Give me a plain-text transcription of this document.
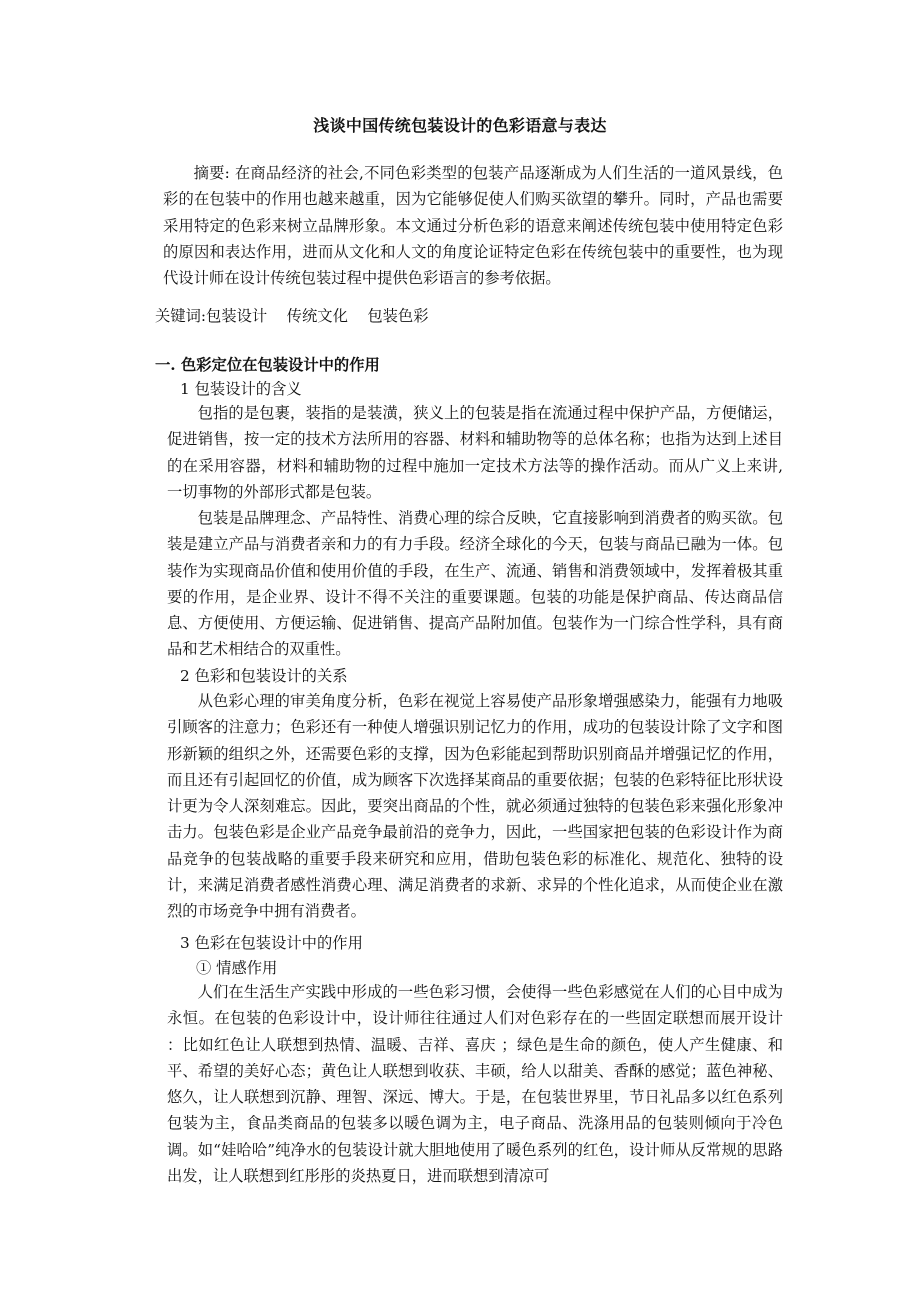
浅谈中国传统包装设计的色彩语意与表达
摘要: 在商品经济的社会,不同色彩类型的包装产品逐渐成为人们生活的一道风景线，色彩的在包装中的作用也越来越重，因为它能够促使人们购买欲望的攀升。同时，产品也需要采用特定的色彩来树立品牌形象。本文通过分析色彩的语意来阐述传统包装中使用特定色彩的原因和表达作用，进而从文化和人文的角度论证特定色彩在传统包装中的重要性，也为现代设计师在设计传统包装过程中提供色彩语言的参考依据。
关键词:包装设计    传统文化    包装色彩
一. 色彩定位在包装设计中的作用
1 包装设计的含义
包指的是包裹，装指的是装潢，狭义上的包装是指在流通过程中保护产品，方便储运，促进销售，按一定的技术方法所用的容器、材料和辅助物等的总体名称；也指为达到上述目的在采用容器，材料和辅助物的过程中施加一定技术方法等的操作活动。而从广义上来讲, 一切事物的外部形式都是包装。
包装是品牌理念、产品特性、消费心理的综合反映，它直接影响到消费者的购买欲。包装是建立产品与消费者亲和力的有力手段。经济全球化的今天，包装与商品已融为一体。包装作为实现商品价值和使用价值的手段，在生产、流通、销售和消费领域中，发挥着极其重要的作用，是企业界、设计不得不关注的重要课题。包装的功能是保护商品、传达商品信息、方便使用、方便运输、促进销售、提高产品附加值。包装作为一门综合性学科，具有商品和艺术相结合的双重性。
2 色彩和包装设计的关系
从色彩心理的审美角度分析，色彩在视觉上容易使产品形象增强感染力，能强有力地吸引顾客的注意力；色彩还有一种使人增强识别记忆力的作用，成功的包装设计除了文字和图形新颖的组织之外，还需要色彩的支撑，因为色彩能起到帮助识别商品并增强记忆的作用，而且还有引起回忆的价值，成为顾客下次选择某商品的重要依据；包装的色彩特征比形状设计更为令人深刻难忘。因此，要突出商品的个性，就必须通过独特的包装色彩来强化形象冲击力。包装色彩是企业产品竞争最前沿的竞争力，因此，一些国家把包装的色彩设计作为商品竞争的包装战略的重要手段来研究和应用，借助包装色彩的标准化、规范化、独特的设计，来满足消费者感性消费心理、满足消费者的求新、求异的个性化追求，从而使企业在激烈的市场竞争中拥有消费者。
3 色彩在包装设计中的作用
① 情感作用
人们在生活生产实践中形成的一些色彩习惯，会使得一些色彩感觉在人们的心目中成为永恒。在包装的色彩设计中，设计师往往通过人们对色彩存在的一些固定联想而展开设计 ：比如红色让人联想到热情、温暖、吉祥、喜庆 ；绿色是生命的颜色，使人产生健康、和平、希望的美好心态；黄色让人联想到收获、丰硕，给人以甜美、香酥的感觉；蓝色神秘、悠久，让人联想到沉静、理智、深远、博大。于是，在包装世界里，节日礼品多以红色系列包装为主，食品类商品的包装多以暖色调为主，电子商品、洗涤用品的包装则倾向于冷色调。如“娃哈哈”纯净水的包装设计就大胆地使用了暖色系列的红色，设计师从反常规的思路出发，让人联想到红彤彤的炎热夏日，进而联想到清凉可
